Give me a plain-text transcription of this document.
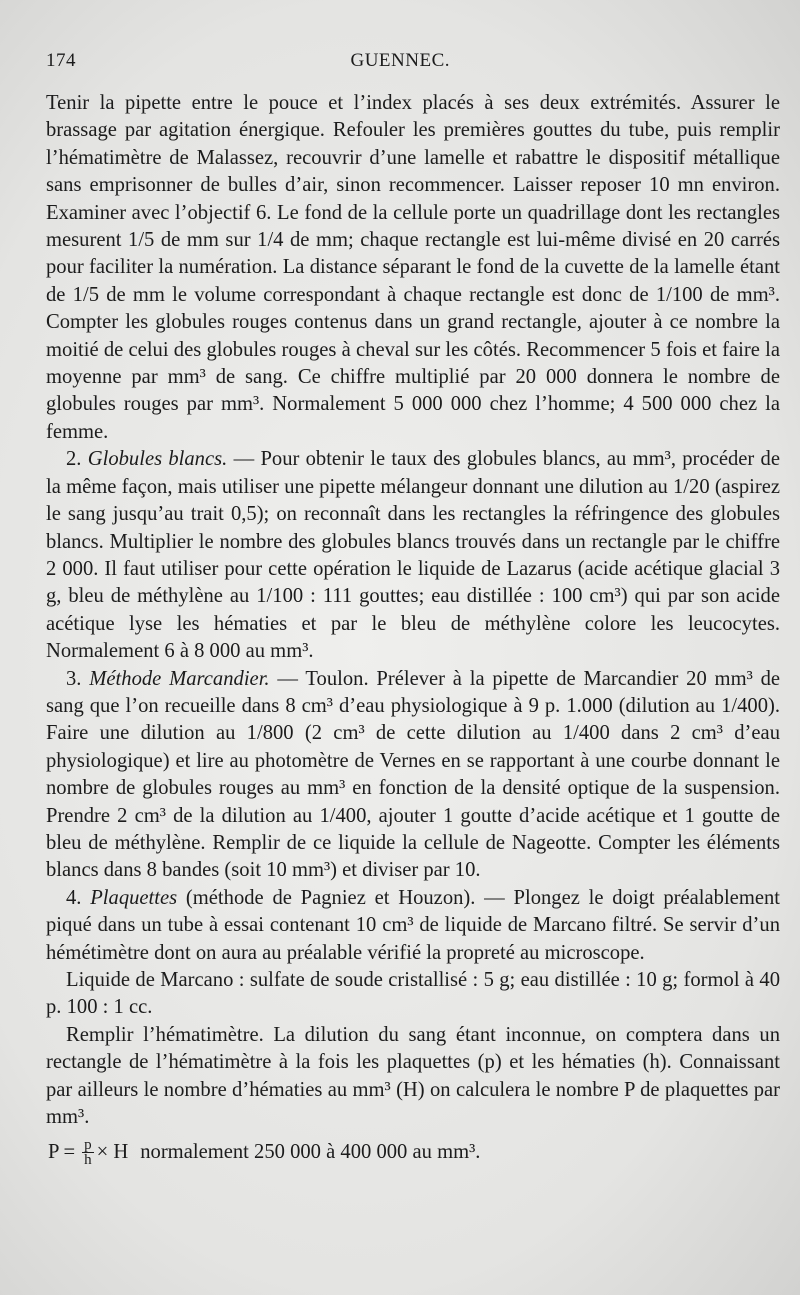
174	GUENNEC.

Tenir la pipette entre le pouce et l’index placés à ses deux extrémités. Assurer le brassage par agitation énergique. Refouler les premières gouttes du tube, puis remplir l’hématimètre de Malassez, recouvrir d’une lamelle et rabattre le dispositif métallique sans emprisonner de bulles d’air, sinon recommencer. Laisser reposer 10 mn environ. Examiner avec l’objectif 6. Le fond de la cellule porte un quadrillage dont les rectangles mesurent 1/5 de mm sur 1/4 de mm; chaque rectangle est lui-même divisé en 20 carrés pour faciliter la numération. La distance séparant le fond de la cuvette de la lamelle étant de 1/5 de mm le volume correspondant à chaque rectangle est donc de 1/100 de mm³. Compter les globules rouges contenus dans un grand rectangle, ajouter à ce nombre la moitié de celui des globules rouges à cheval sur les côtés. Recommencer 5 fois et faire la moyenne par mm³ de sang. Ce chiffre multiplié par 20 000 donnera le nombre de globules rouges par mm³. Normalement 5 000 000 chez l’homme; 4 500 000 chez la femme.

2. Globules blancs. — Pour obtenir le taux des globules blancs, au mm³, procéder de la même façon, mais utiliser une pipette mélangeur donnant une dilution au 1/20 (aspirez le sang jusqu’au trait 0,5); on reconnaît dans les rectangles la réfringence des globules blancs. Multiplier le nombre des globules blancs trouvés dans un rectangle par le chiffre 2 000. Il faut utiliser pour cette opération le liquide de Lazarus (acide acétique glacial 3 g, bleu de méthylène au 1/100 : 111 gouttes; eau distillée : 100 cm³) qui par son acide acétique lyse les hématies et par le bleu de méthylène colore les leucocytes. Normalement 6 à 8 000 au mm³.

3. Méthode Marcandier. — Toulon. Prélever à la pipette de Marcandier 20 mm³ de sang que l’on recueille dans 8 cm³ d’eau physiologique à 9 p. 1.000 (dilution au 1/400). Faire une dilution au 1/800 (2 cm³ de cette dilution au 1/400 dans 2 cm³ d’eau physiologique) et lire au photomètre de Vernes en se rapportant à une courbe donnant le nombre de globules rouges au mm³ en fonction de la densité optique de la suspension. Prendre 2 cm³ de la dilution au 1/400, ajouter 1 goutte d’acide acétique et 1 goutte de bleu de méthylène. Remplir de ce liquide la cellule de Nageotte. Compter les éléments blancs dans 8 bandes (soit 10 mm³) et diviser par 10.

4. Plaquettes (méthode de Pagniez et Houzon). — Plongez le doigt préalablement piqué dans un tube à essai contenant 10 cm³ de liquide de Marcano filtré. Se servir d’un hémétimètre dont on aura au préalable vérifié la propreté au microscope.

Liquide de Marcano : sulfate de soude cristallisé : 5 g; eau distillée : 10 g; formol à 40 p. 100 : 1 cc.

Remplir l’hématimètre. La dilution du sang étant inconnue, on comptera dans un rectangle de l’hématimètre à la fois les plaquettes (p) et les hématies (h). Connaissant par ailleurs le nombre d’hématies au mm³ (H) on calculera le nombre P de plaquettes par mm³.

$P = \frac{p}{h} \times H$ normalement 250 000 à 400 000 au mm³.
